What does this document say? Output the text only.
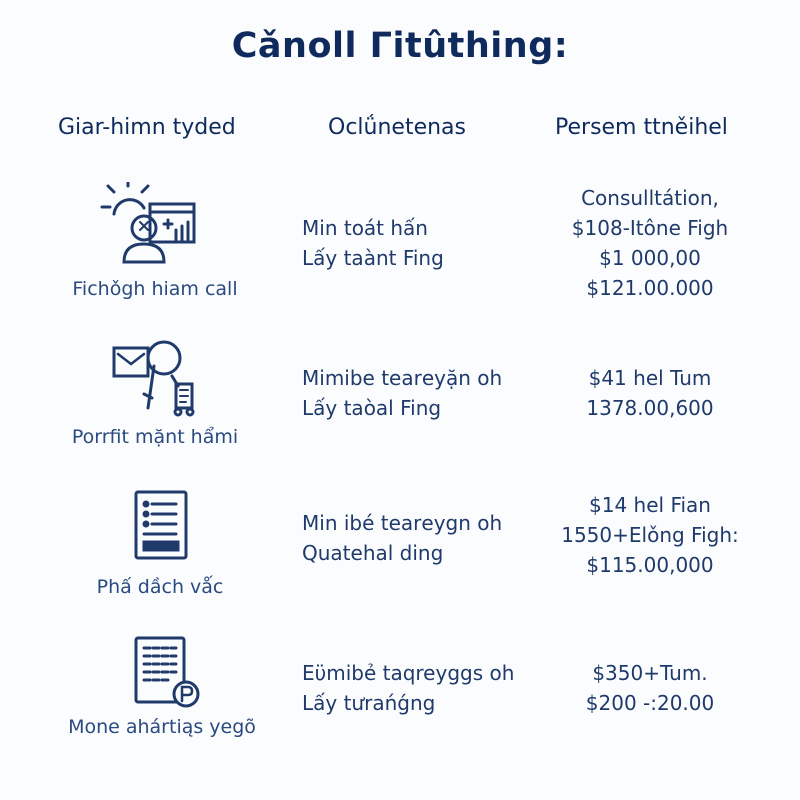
Cǎnoll Γitûthing:
Giar-himn tyded	Oclǘnetenas	Persem ttněihel
Fichǒgh hiam call
Min toát hấn
Lấy taànt Fing
Consulltátion,
$108-Itône Figh
$1 000,00
$121.00.000
Porrfit mặnt hẩmi
Mimibe tearеуặn oh
Lấy taòal Fing
$41 hel Tum
1378.00,600
Phấ dầch vǻc
Min ibé tearеуgn oh
Quatehal ding
$14 hel Fian
1550+Elǒng Figh:
$115.00,000
Mone ahártiąs yegõ
Eϋmibẻ taqreyggs oh
Lấy tưrańǵng
$350+Tum.
$200 -:20.00
